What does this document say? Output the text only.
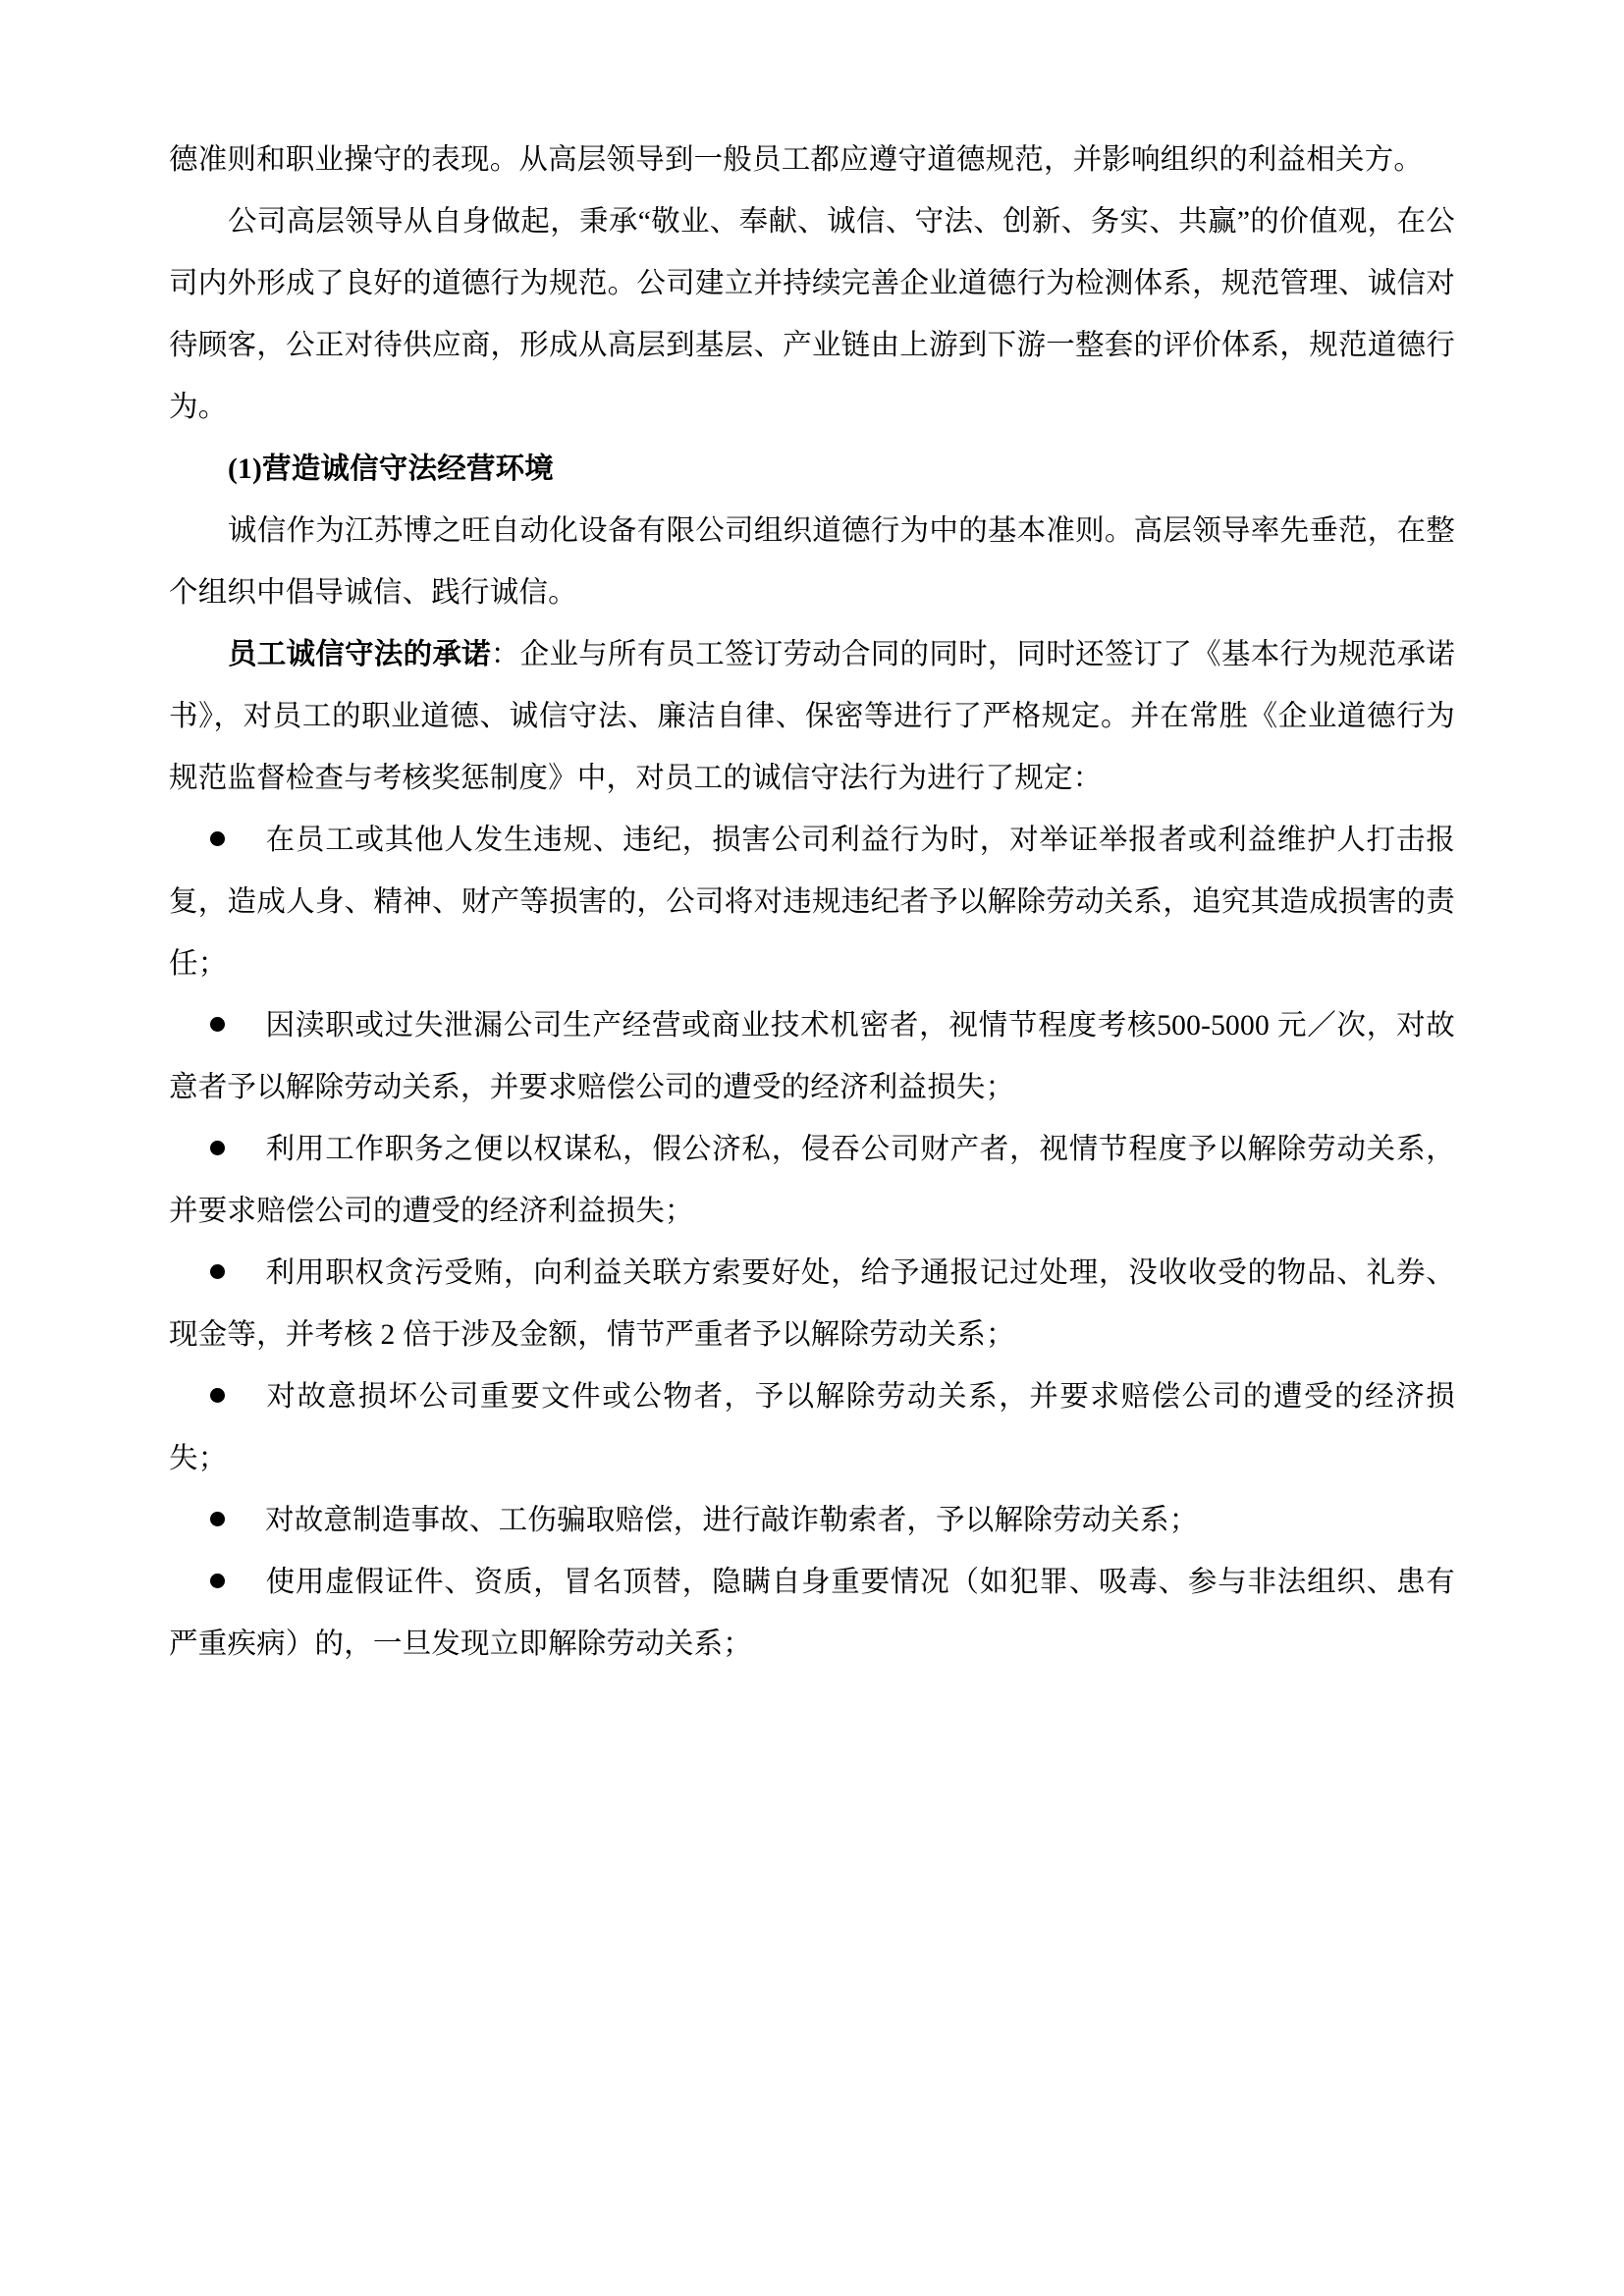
德准则和职业操守的表现。从高层领导到一般员工都应遵守道德规范，并影响组织的利益相关方。

公司高层领导从自身做起，秉承“敬业、奉献、诚信、守法、创新、务实、共赢”的价值观，在公司内外形成了良好的道德行为规范。公司建立并持续完善企业道德行为检测体系，规范管理、诚信对待顾客，公正对待供应商，形成从高层到基层、产业链由上游到下游一整套的评价体系，规范道德行为。

(1)营造诚信守法经营环境

诚信作为江苏博之旺自动化设备有限公司组织道德行为中的基本准则。高层领导率先垂范，在整个组织中倡导诚信、践行诚信。

员工诚信守法的承诺：企业与所有员工签订劳动合同的同时，同时还签订了《基本行为规范承诺书》，对员工的职业道德、诚信守法、廉洁自律、保密等进行了严格规定。并在常胜《企业道德行为规范监督检查与考核奖惩制度》中，对员工的诚信守法行为进行了规定：

在员工或其他人发生违规、违纪，损害公司利益行为时，对举证举报者或利益维护人打击报复，造成人身、精神、财产等损害的，公司将对违规违纪者予以解除劳动关系，追究其造成损害的责任；

因渎职或过失泄漏公司生产经营或商业技术机密者，视情节程度考核500-5000 元／次，对故意者予以解除劳动关系，并要求赔偿公司的遭受的经济利益损失；

利用工作职务之便以权谋私，假公济私，侵吞公司财产者，视情节程度予以解除劳动关系，并要求赔偿公司的遭受的经济利益损失；

利用职权贪污受贿，向利益关联方索要好处，给予通报记过处理，没收收受的物品、礼券、现金等，并考核 2 倍于涉及金额，情节严重者予以解除劳动关系；

对故意损坏公司重要文件或公物者，予以解除劳动关系，并要求赔偿公司的遭受的经济损失；

对故意制造事故、工伤骗取赔偿，进行敲诈勒索者，予以解除劳动关系；

使用虚假证件、资质，冒名顶替，隐瞒自身重要情况（如犯罪、吸毒、参与非法组织、患有严重疾病）的，一旦发现立即解除劳动关系；
